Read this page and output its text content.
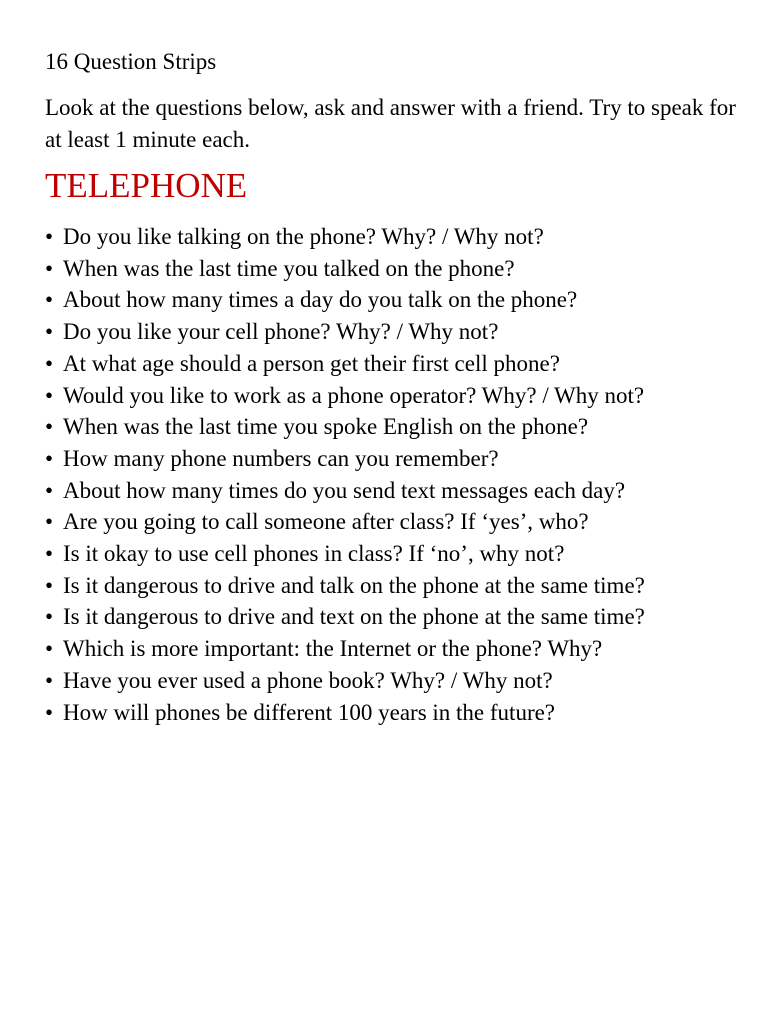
16 Question Strips

Look at the questions below, ask and answer with a friend. Try to speak for at least 1 minute each.

TELEPHONE
• Do you like talking on the phone? Why? / Why not?
• When was the last time you talked on the phone?
• About how many times a day do you talk on the phone?
• Do you like your cell phone? Why? / Why not?
• At what age should a person get their first cell phone?
• Would you like to work as a phone operator? Why? / Why not?
• When was the last time you spoke English on the phone?
• How many phone numbers can you remember?
• About how many times do you send text messages each day?
• Are you going to call someone after class? If ‘yes’, who?
• Is it okay to use cell phones in class? If ‘no’, why not?
• Is it dangerous to drive and talk on the phone at the same time?
• Is it dangerous to drive and text on the phone at the same time?
• Which is more important: the Internet or the phone? Why?
• Have you ever used a phone book? Why? / Why not?
• How will phones be different 100 years in the future?
